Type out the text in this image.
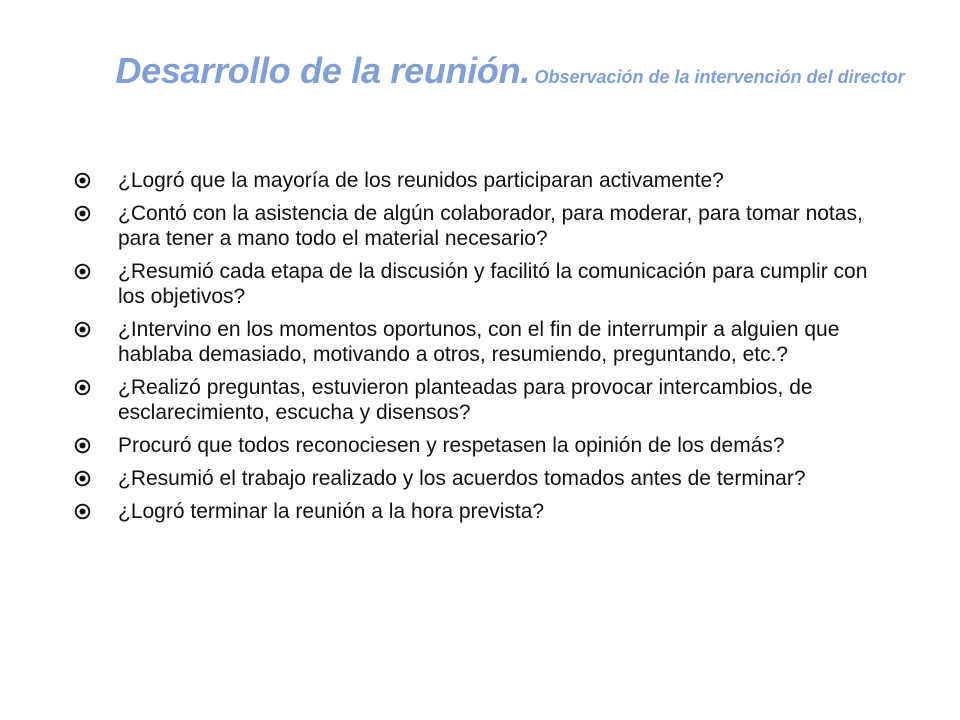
Desarrollo de la reunión. Observación de la intervención del director
¿Logró que la mayoría de los reunidos participaran activamente?
¿Contó con la asistencia de algún colaborador, para moderar, para tomar notas, para tener a mano todo el material necesario?
¿Resumió cada etapa de la discusión y facilitó la comunicación para cumplir con los objetivos?
¿Intervino en los momentos oportunos, con el fin de interrumpir a alguien que hablaba demasiado, motivando a otros, resumiendo, preguntando, etc.?
¿Realizó preguntas, estuvieron planteadas para provocar intercambios, de esclarecimiento, escucha y disensos?
Procuró que todos reconociesen y respetasen la opinión de los demás?
¿Resumió el trabajo realizado y los acuerdos tomados antes de terminar?
¿Logró terminar la reunión a la hora prevista?
